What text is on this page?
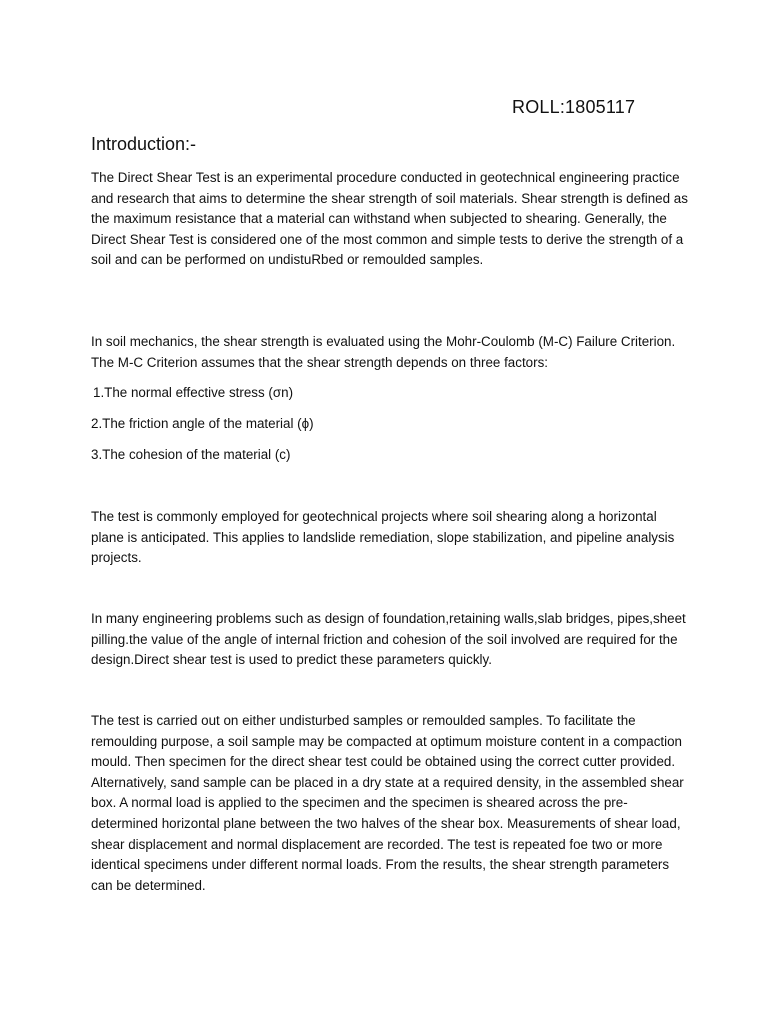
ROLL:1805117
Introduction:-

The Direct Shear Test is an experimental procedure conducted in geotechnical engineering practice and research that aims to determine the shear strength of soil materials. Shear strength is defined as the maximum resistance that a material can withstand when subjected to shearing. Generally, the Direct Shear Test is considered one of the most common and simple tests to derive the strength of a soil and can be performed on undistuRbed or remoulded samples.

In soil mechanics, the shear strength is evaluated using the Mohr-Coulomb (M-C) Failure Criterion. The M-C Criterion assumes that the shear strength depends on three factors:

1.The normal effective stress (σn)

2.The friction angle of the material (ϕ)

3.The cohesion of the material (c)

The test is commonly employed for geotechnical projects where soil shearing along a horizontal plane is anticipated. This applies to landslide remediation, slope stabilization, and pipeline analysis projects.

In many engineering problems such as design of foundation,retaining walls,slab bridges, pipes,sheet pilling.the value of the angle of internal friction and cohesion of the soil involved are required for the design.Direct shear test is used to predict these parameters quickly.

The test is carried out on either undisturbed samples or remoulded samples. To facilitate the remoulding purpose, a soil sample may be compacted at optimum moisture content in a compaction mould. Then specimen for the direct shear test could be obtained using the correct cutter provided. Alternatively, sand sample can be placed in a dry state at a required density, in the assembled shear box. A normal load is applied to the specimen and the specimen is sheared across the pre-determined horizontal plane between the two halves of the shear box. Measurements of shear load, shear displacement and normal displacement are recorded. The test is repeated foe two or more identical specimens under different normal loads. From the results, the shear strength parameters can be determined.
